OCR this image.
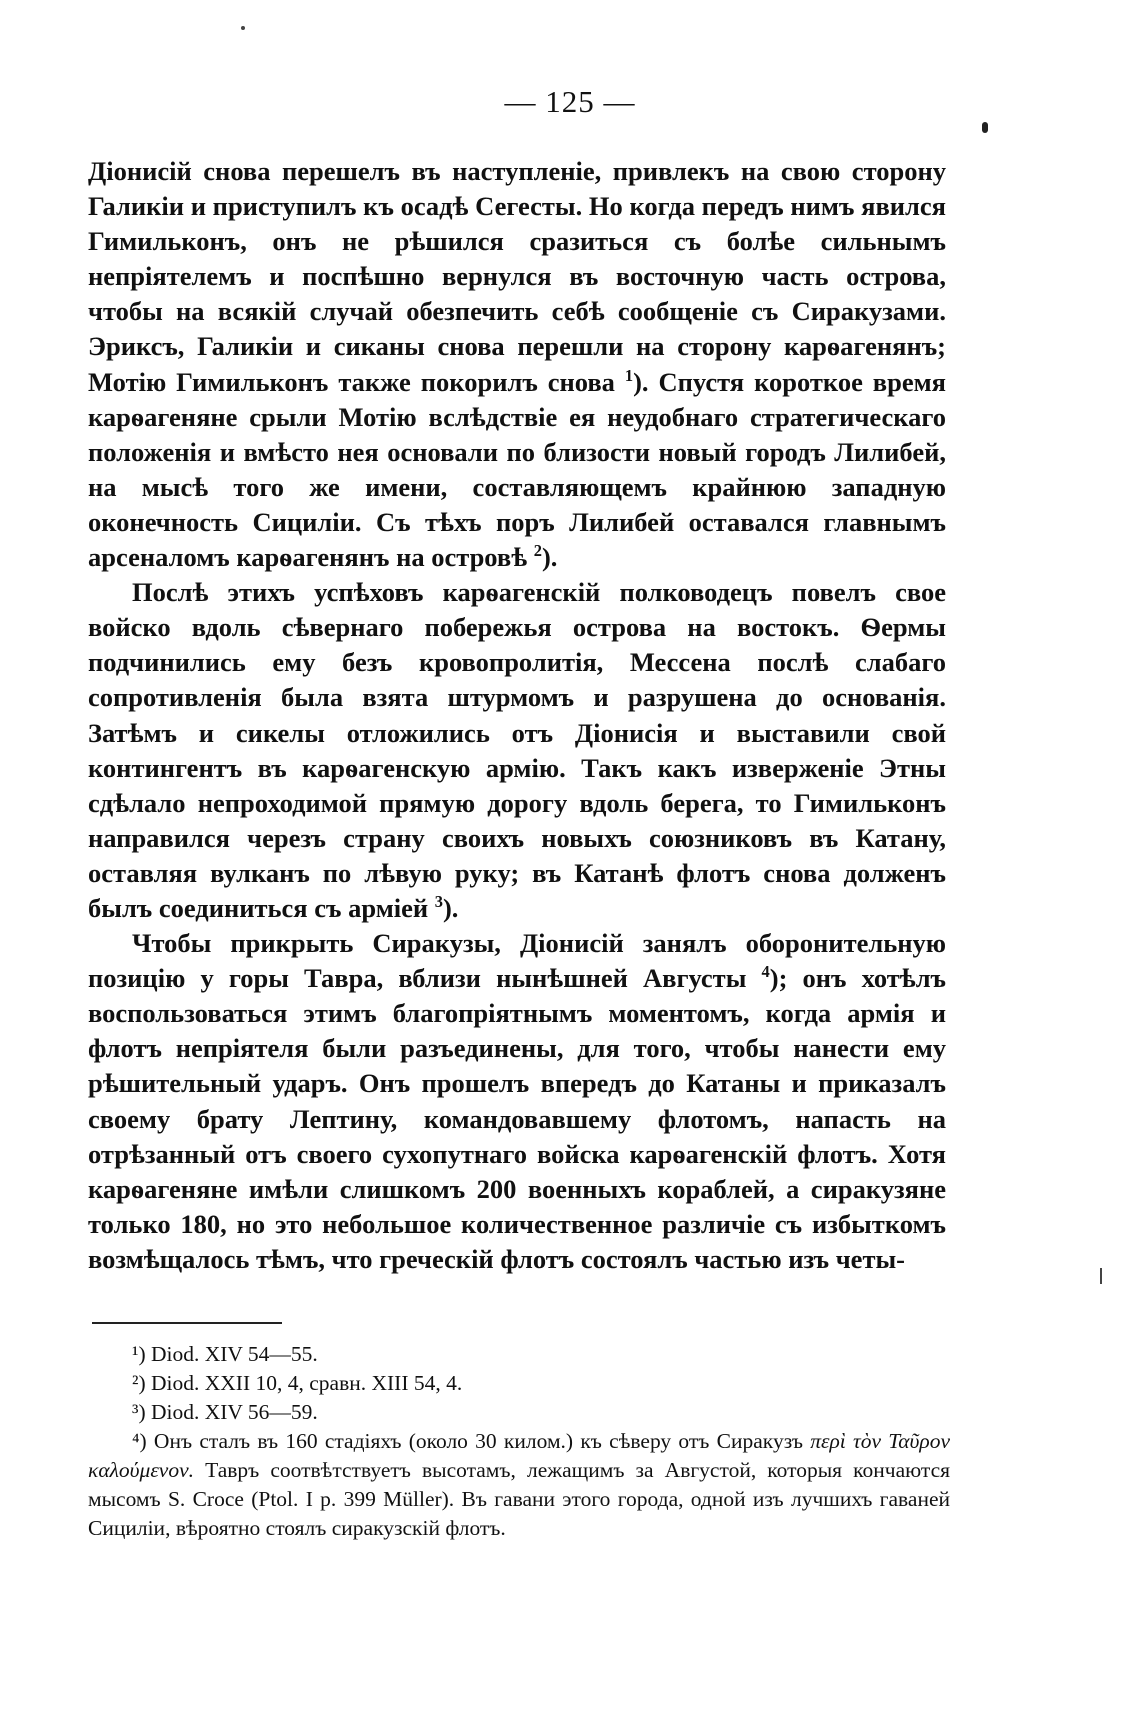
— 125 —

Діонисій снова перешелъ въ наступленіе, привлекъ на свою сторону Галикіи и приступилъ къ осадѣ Сегесты. Но когда передъ нимъ явился Гимильконъ, онъ не рѣшился сразиться съ болѣе сильнымъ непріятелемъ и поспѣшно вернулся въ восточную часть острова, чтобы на всякій случай обезпечить себѣ сообщеніе съ Сиракузами. Эриксъ, Галикіи и сиканы снова перешли на сторону карѳагенянъ; Мотію Гимильконъ также покорилъ снова $^1$). Спустя короткое время карѳагеняне срыли Мотію вслѣдствіе ея неудобнаго стратегическаго положенія и вмѣсто нея основали по близости новый городъ Лилибей, на мысѣ того же имени, составляющемъ крайнюю западную оконечность Сициліи. Съ тѣхъ поръ Лилибей оставался главнымъ арсеналомъ карѳагенянъ на островѣ $^2$).

Послѣ этихъ успѣховъ карѳагенскій полководецъ повелъ свое войско вдоль сѣвернаго побережья острова на востокъ. Ѳермы подчинились ему безъ кровопролитія, Мессена послѣ слабаго сопротивленія была взята штурмомъ и разрушена до основанія. Затѣмъ и сикелы отложились отъ Діонисія и выставили свой контингентъ въ карѳагенскую армію. Такъ какъ изверженіе Этны сдѣлало непроходимой прямую дорогу вдоль берега, то Гимильконъ направился черезъ страну своихъ новыхъ союзниковъ въ Катану, оставляя вулканъ по лѣвую руку; въ Катанѣ флотъ снова долженъ былъ соединиться съ арміей $^3$).

Чтобы прикрыть Сиракузы, Діонисій занялъ оборонительную позицію у горы Тавра, вблизи нынѣшней Августы $^4$); онъ хотѣлъ воспользоваться этимъ благопріятнымъ моментомъ, когда армія и флотъ непріятеля были разъединены, для того, чтобы нанести ему рѣшительный ударъ. Онъ прошелъ впередъ до Катаны и приказалъ своему брату Лептину, командовавшему флотомъ, напасть на отрѣзанный отъ своего сухопутнаго войска карѳагенскій флотъ. Хотя карѳагеняне имѣли слишкомъ 200 военныхъ кораблей, а сиракузяне только 180, но это небольшое количественное различіе съ избыткомъ возмѣщалось тѣмъ, что греческій флотъ состоялъ частью изъ четы-

¹) Diod. XIV 54—55.

²) Diod. XXII 10, 4, сравн. XIII 54, 4.

³) Diod. XIV 56—59.

⁴) Онъ сталъ въ 160 стадіяхъ (около 30 килом.) къ сѣверу отъ Сиракузъ περὶ τὸν Ταῦρον καλούμενον. Тавръ соотвѣтствуетъ высотамъ, лежащимъ за Августой, которыя кончаются мысомъ S. Croce (Ptol. I p. 399 Müller). Въ гавани этого города, одной изъ лучшихъ гаваней Сициліи, вѣроятно стоялъ сиракузскій флотъ.
